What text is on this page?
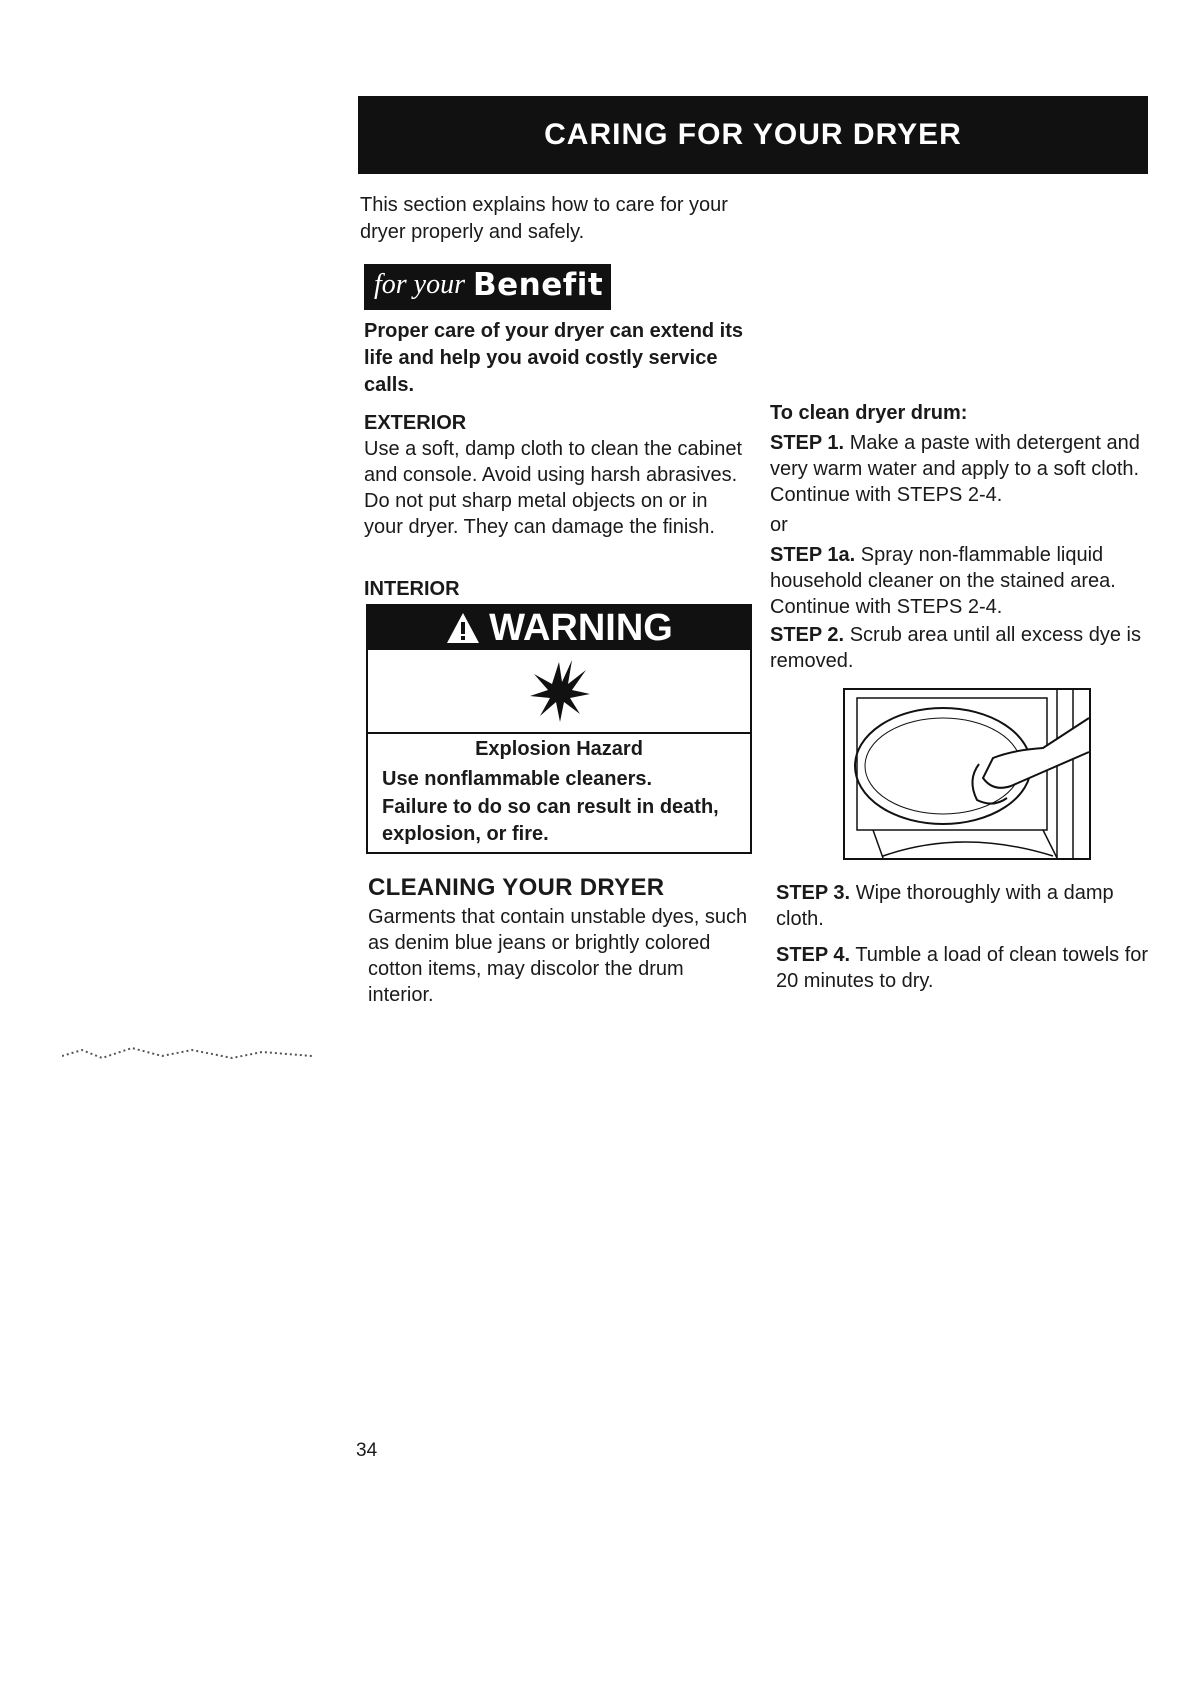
CARING FOR YOUR DRYER
This section explains how to care for your dryer properly and safely.
for your Benefit
Proper care of your dryer can extend its life and help you avoid costly service calls.
EXTERIOR
Use a soft, damp cloth to clean the cabinet and console. Avoid using harsh abrasives. Do not put sharp metal objects on or in your dryer. They can damage the finish.
INTERIOR
WARNING
Explosion Hazard
Use nonflammable cleaners.
Failure to do so can result in death, explosion, or fire.
CLEANING YOUR DRYER
Garments that contain unstable dyes, such as denim blue jeans or brightly colored cotton items, may discolor the drum interior.
To clean dryer drum:
STEP 1. Make a paste with detergent and very warm water and apply to a soft cloth. Continue with STEPS 2-4.
or
STEP 1a. Spray non-flammable liquid household cleaner on the stained area. Continue with STEPS 2-4.
STEP 2. Scrub area until all excess dye is removed.
STEP 3. Wipe thoroughly with a damp cloth.
STEP 4. Tumble a load of clean towels for 20 minutes to dry.
34
